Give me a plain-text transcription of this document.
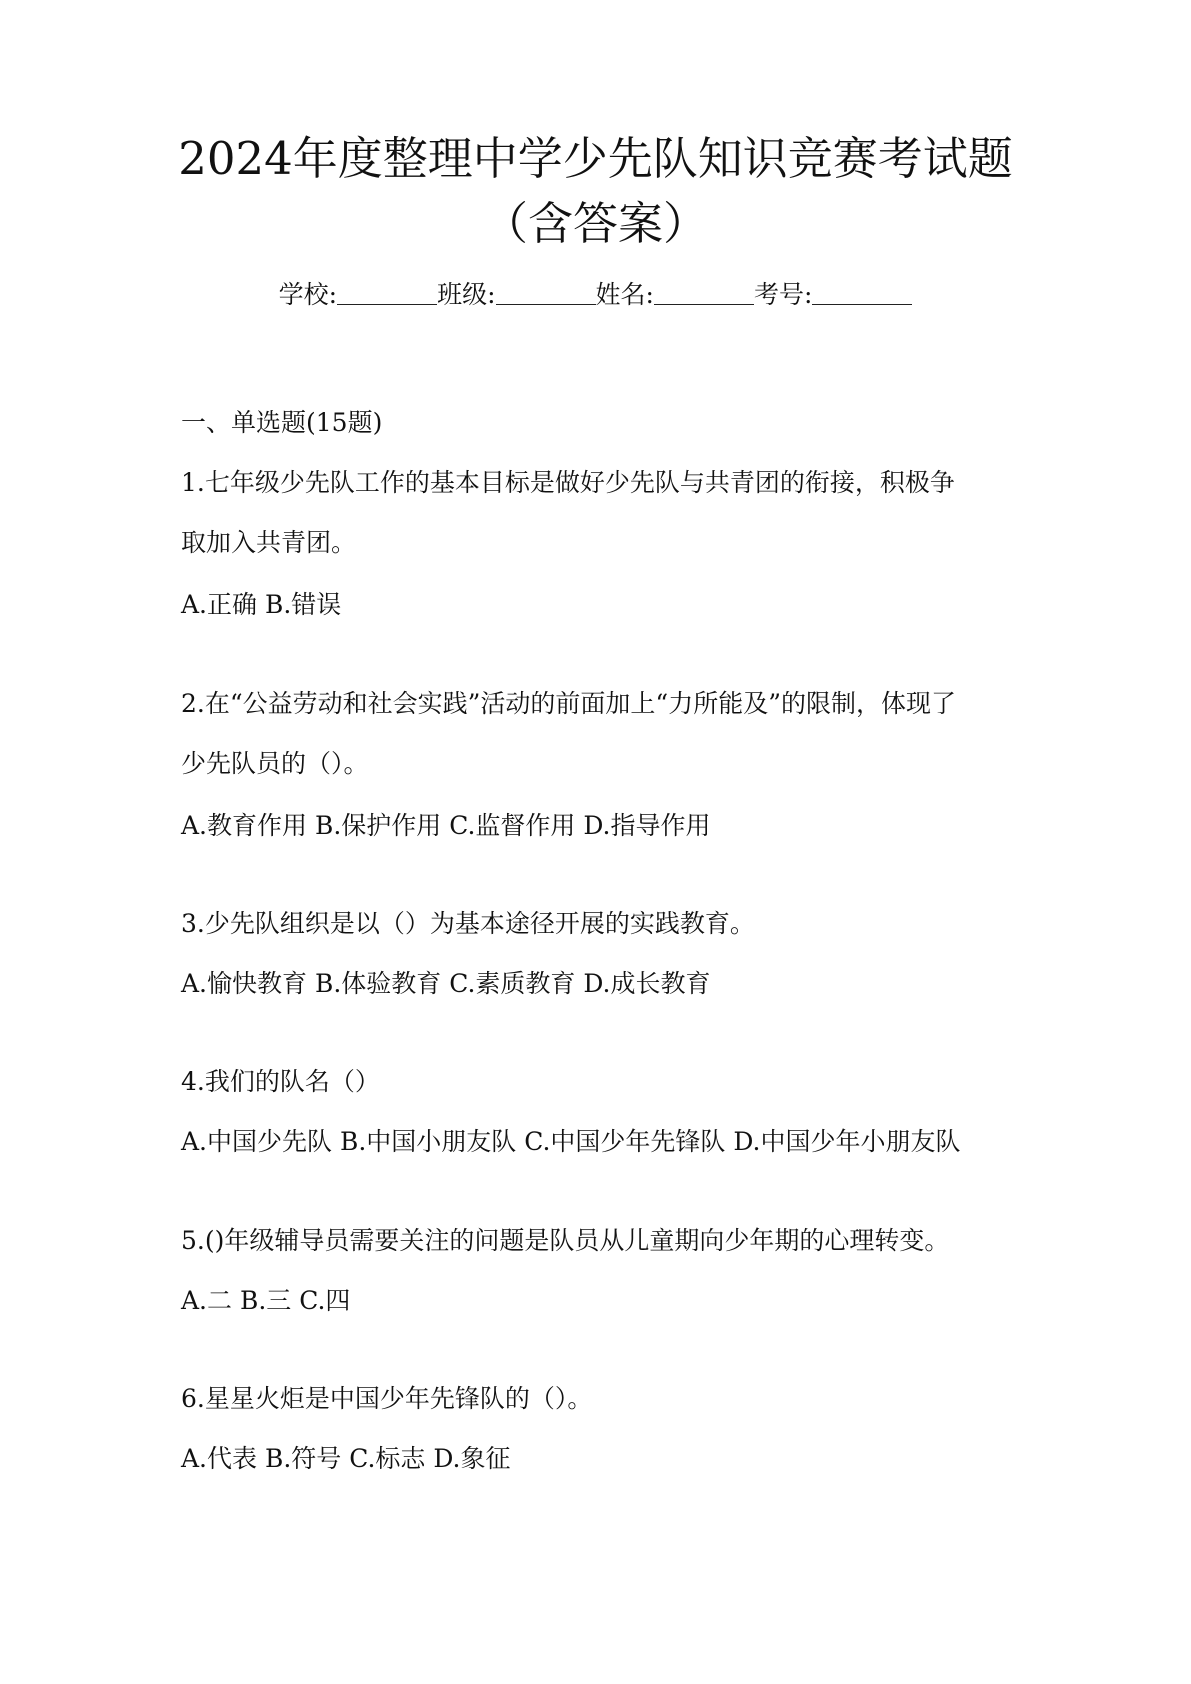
2024年度整理中学少先队知识竞赛考试题
（含答案）
学校:	班级:	姓名:	考号:
一、单选题(15题)
1.七年级少先队工作的基本目标是做好少先队与共青团的衔接，积极争
取加入共青团。
A.正确 B.错误
2.在“公益劳动和社会实践”活动的前面加上“力所能及”的限制，体现了
少先队员的（）。
A.教育作用 B.保护作用 C.监督作用 D.指导作用
3.少先队组织是以（）为基本途径开展的实践教育。
A.愉快教育 B.体验教育 C.素质教育 D.成长教育
4.我们的队名（）
A.中国少先队 B.中国小朋友队 C.中国少年先锋队 D.中国少年小朋友队
5.()年级辅导员需要关注的问题是队员从儿童期向少年期的心理转变。
A.二 B.三 C.四
6.星星火炬是中国少年先锋队的（）。
A.代表 B.符号 C.标志 D.象征
